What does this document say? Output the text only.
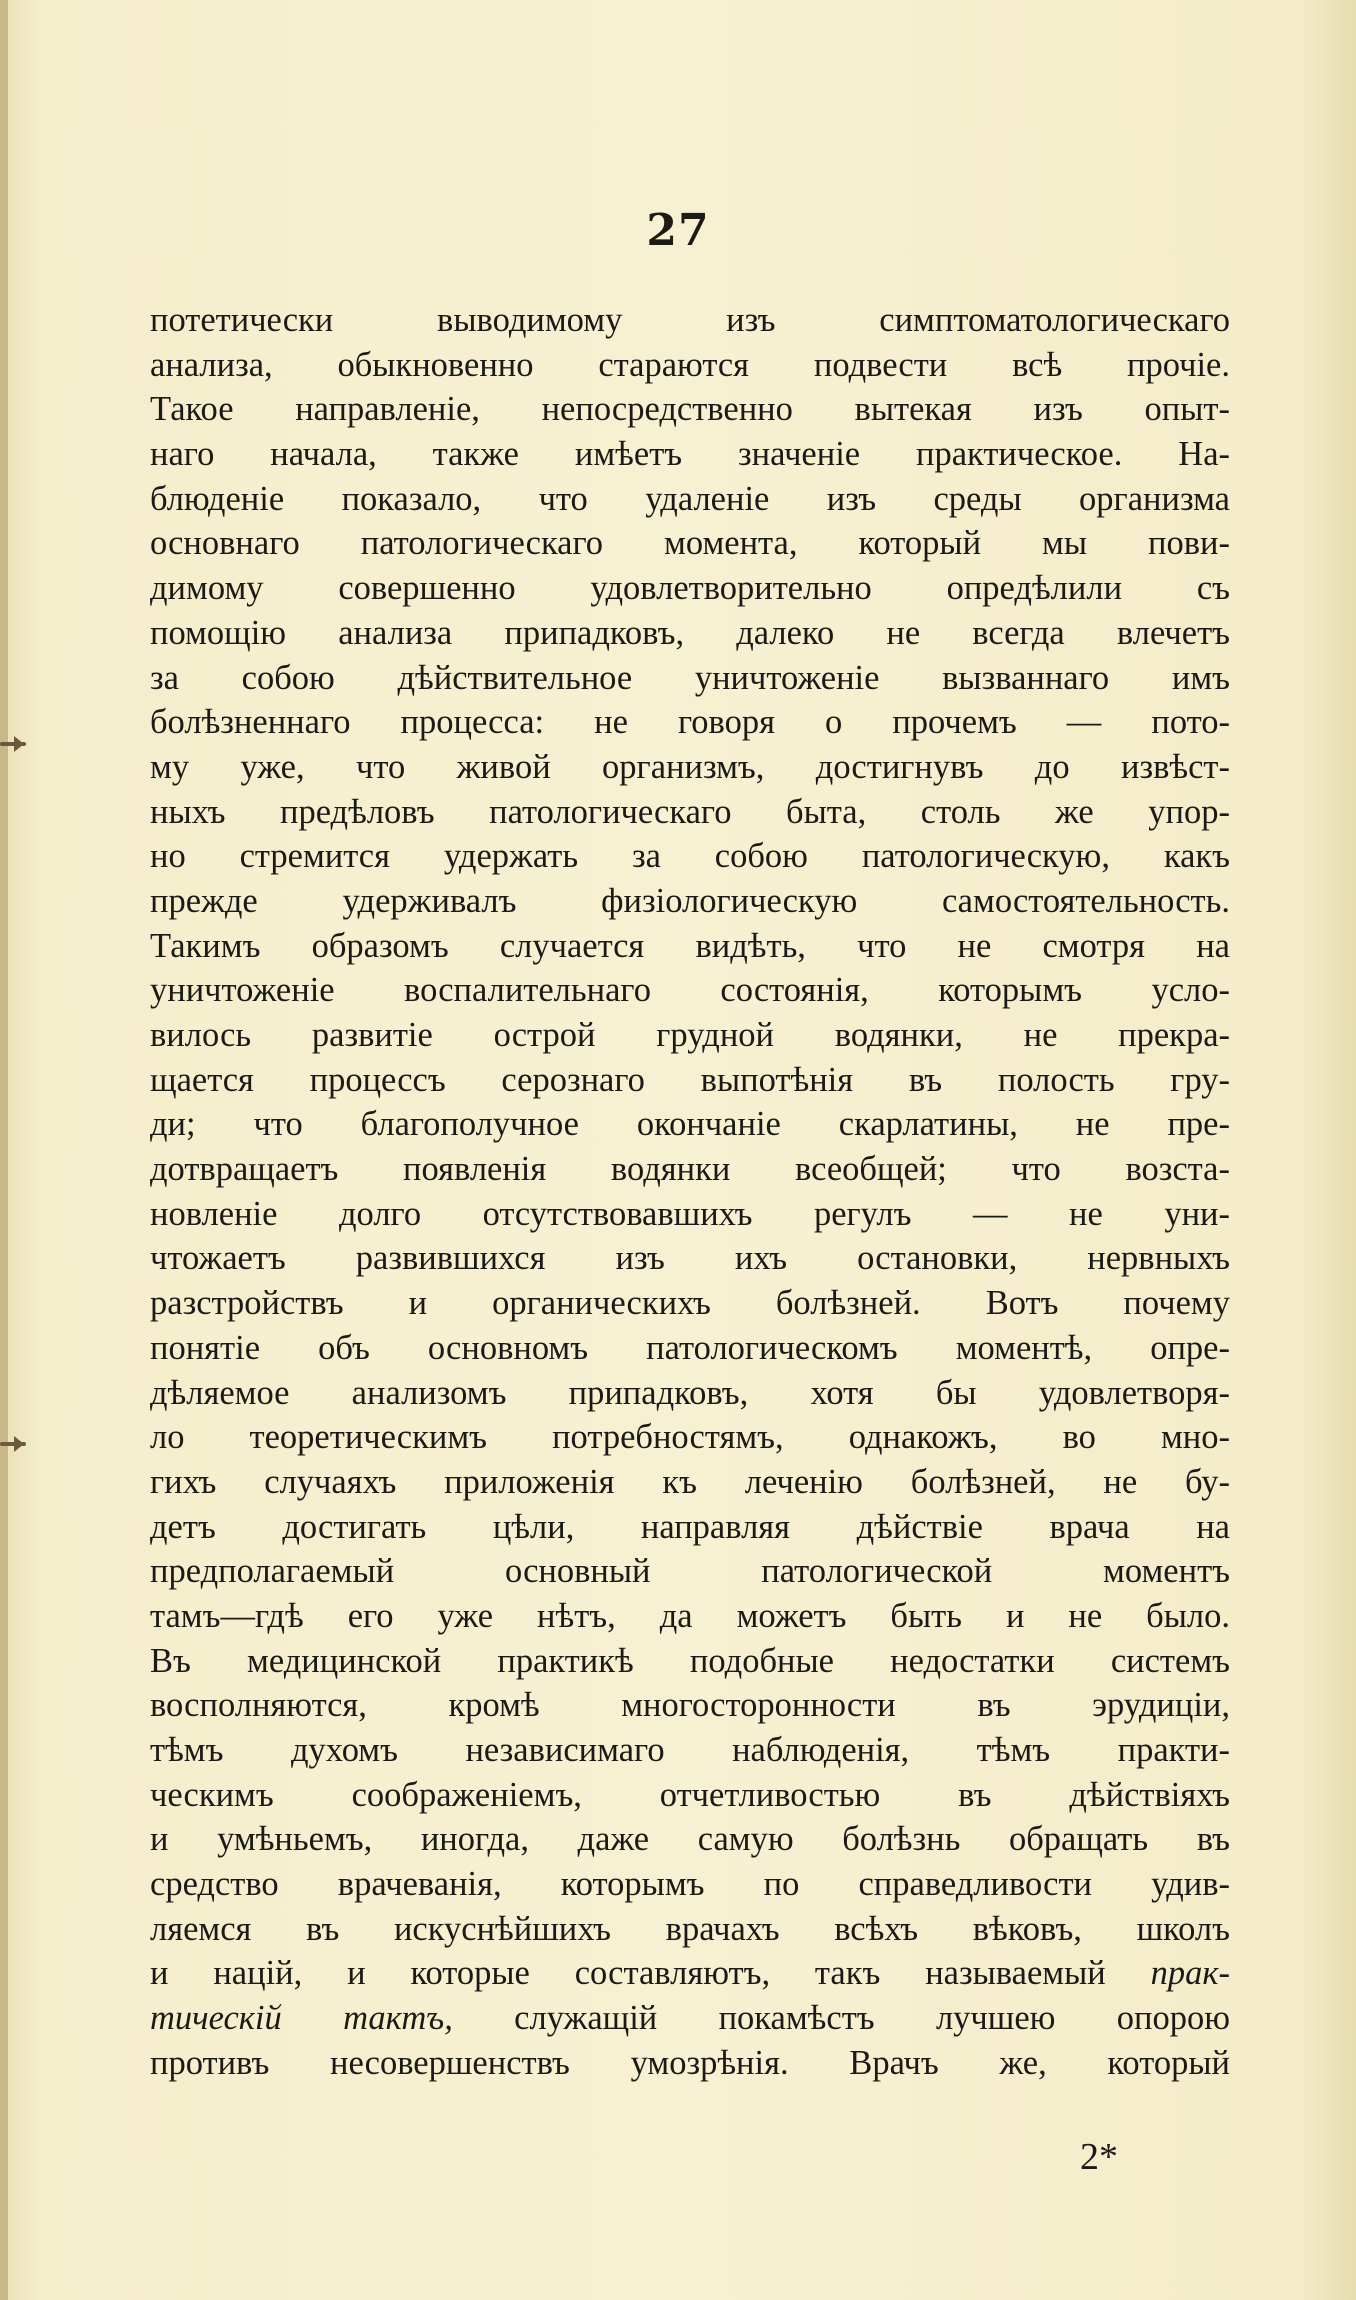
27
потетически выводимому изъ симптоматологическаго
анализа, обыкновенно стараются подвести всѣ прочіе.
Такое направленіе, непосредственно вытекая изъ опыт-
наго начала, также имѣетъ значеніе практическое. На-
блюденіе показало, что удаленіе изъ среды организма
основнаго патологическаго момента, который мы пови-
димому совершенно удовлетворительно опредѣлили съ
помощію анализа припадковъ, далеко не всегда влечетъ
за собою дѣйствительное уничтоженіе вызваннаго имъ
болѣзненнаго процесса: не говоря о прочемъ — пото-
му уже, что живой организмъ, достигнувъ до извѣст-
ныхъ предѣловъ патологическаго быта, столь же упор-
но стремится удержать за собою патологическую, какъ
прежде удерживалъ физіологическую самостоятельность.
Такимъ образомъ случается видѣть, что не смотря на
уничтоженіе воспалительнаго состоянія, которымъ усло-
вилось развитіе острой грудной водянки, не прекра-
щается процессъ серознаго выпотѣнія въ полость гру-
ди; что благополучное окончаніе скарлатины, не пре-
дотвращаетъ появленія водянки всеобщей; что возста-
новленіе долго отсутствовавшихъ регулъ — не уни-
чтожаетъ развившихся изъ ихъ остановки, нервныхъ
разстройствъ и органическихъ болѣзней. Вотъ почему
понятіе объ основномъ патологическомъ моментѣ, опре-
дѣляемое анализомъ припадковъ, хотя бы удовлетворя-
ло теоретическимъ потребностямъ, однакожъ, во мно-
гихъ случаяхъ приложенія къ леченію болѣзней, не бу-
детъ достигать цѣли, направляя дѣйствіе врача на
предполагаемый основный патологической моментъ
тамъ—гдѣ его уже нѣтъ, да можетъ быть и не было.
Въ медицинской практикѣ подобные недостатки системъ
восполняются, кромѣ многосторонности въ эрудиціи,
тѣмъ духомъ независимаго наблюденія, тѣмъ практи-
ческимъ соображеніемъ, отчетливостью въ дѣйствіяхъ
и умѣньемъ, иногда, даже самую болѣзнь обращать въ
средство врачеванія, которымъ по справедливости удив-
ляемся въ искуснѣйшихъ врачахъ всѣхъ вѣковъ, школъ
и націй, и которые составляютъ, такъ называемый прак-
тическій тактъ, служащій покамѣстъ лучшею опорою
противъ несовершенствъ умозрѣнія. Врачъ же, который
2*
